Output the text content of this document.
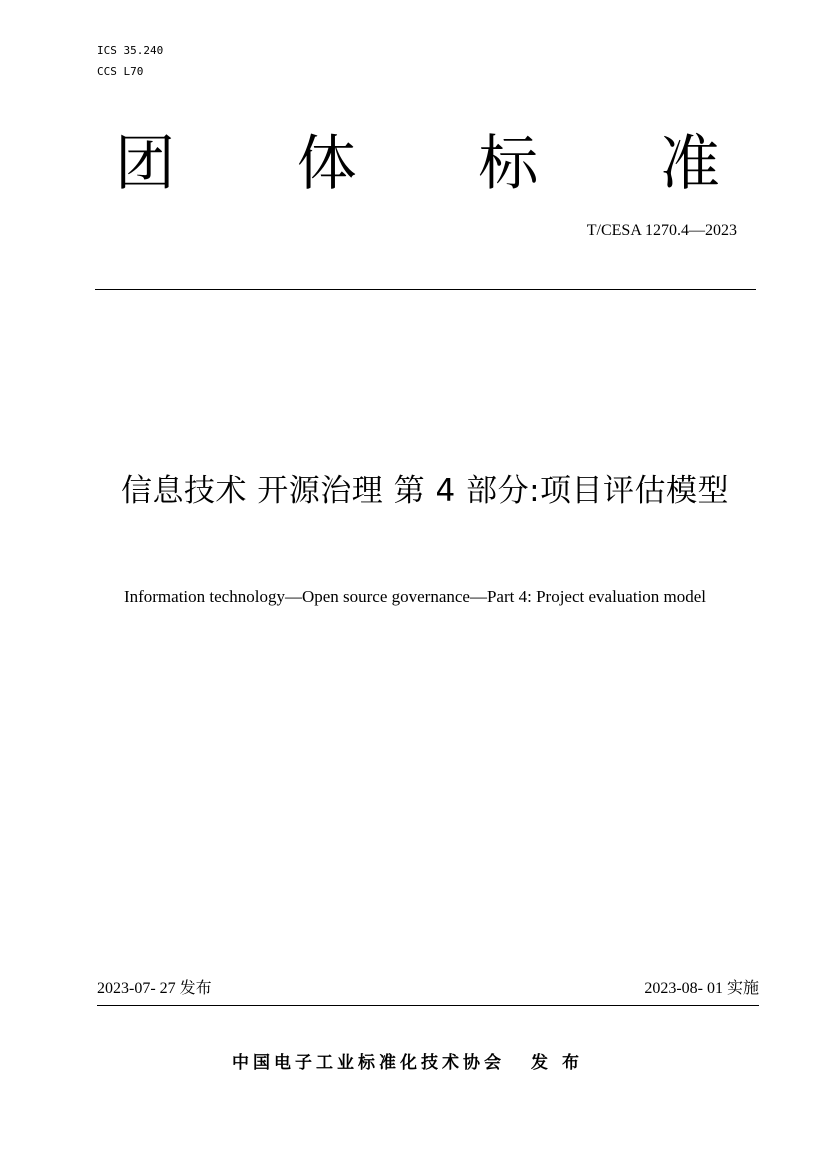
ICS 35.240
CCS L70
团 体 标 准
T/CESA 1270.4—2023
信息技术 开源治理 第 4 部分:项目评估模型
Information technology—Open source governance—Part 4: Project evaluation model
2023-07- 27 发布	2023-08- 01 实施
中国电子工业标准化技术协会 发 布
